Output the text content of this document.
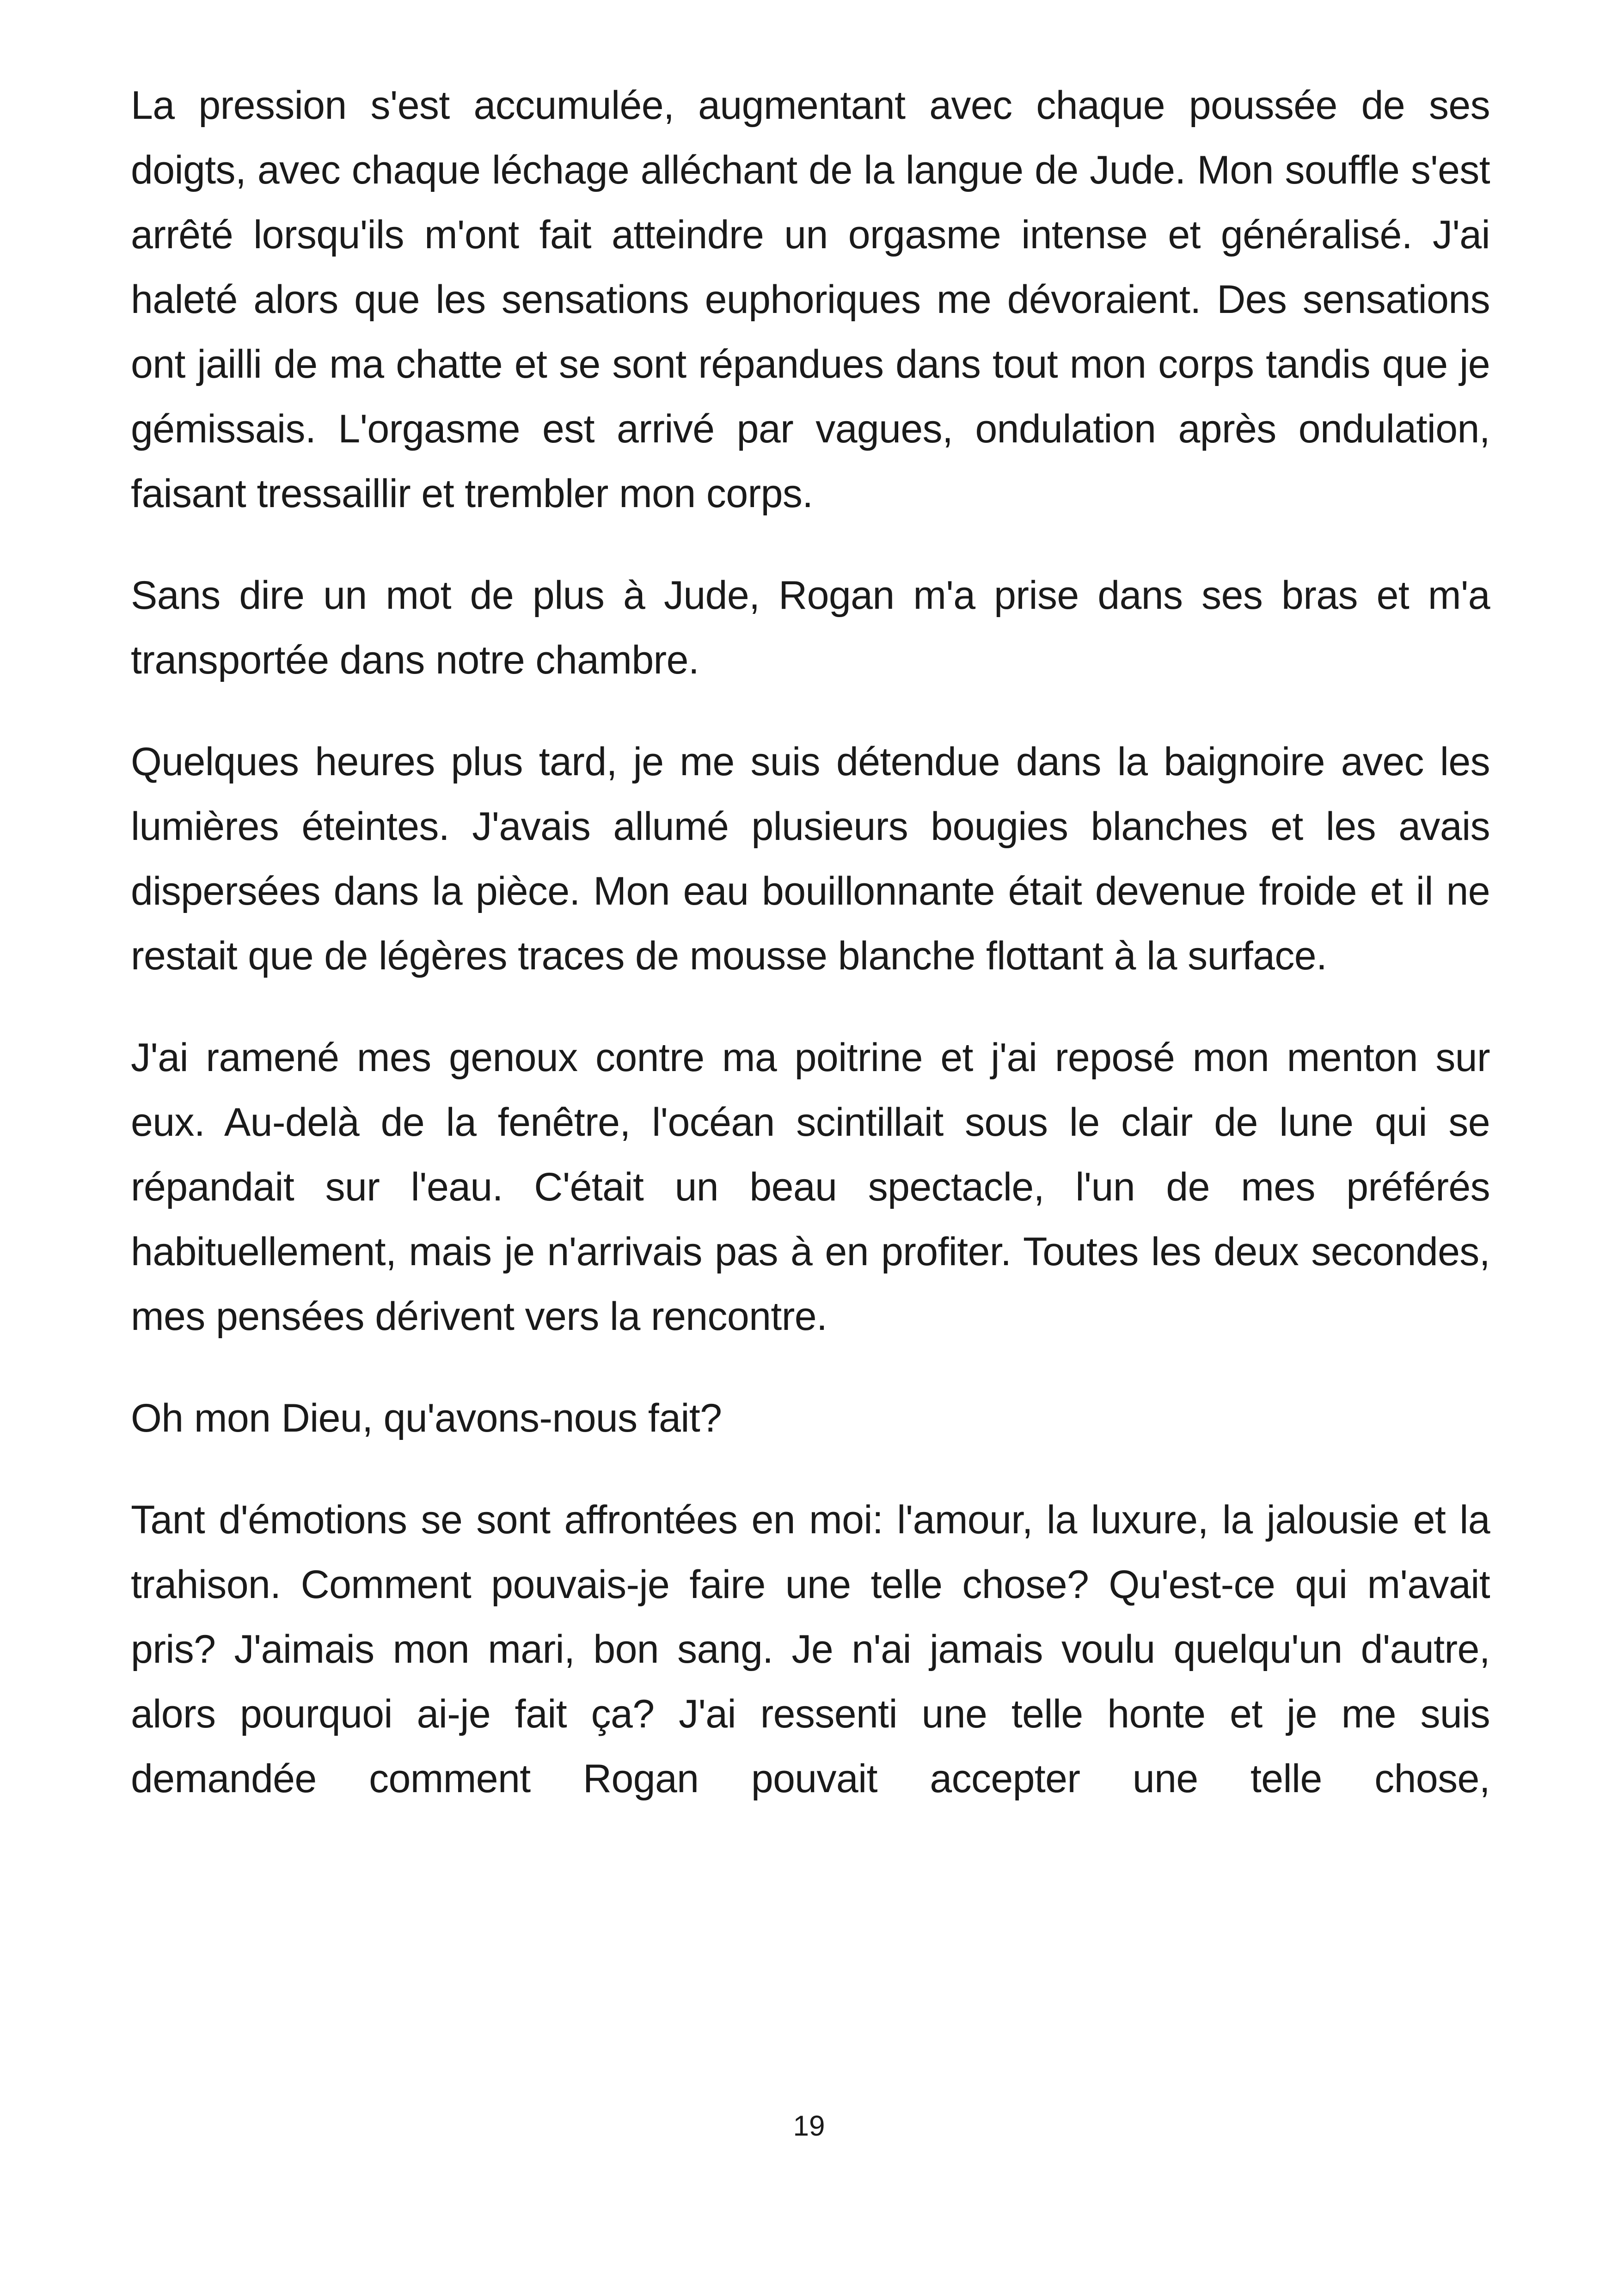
La pression s'est accumulée, augmentant avec chaque poussée de ses doigts, avec chaque léchage alléchant de la langue de Jude. Mon souffle s'est arrêté lorsqu'ils m'ont fait atteindre un orgasme intense et généralisé. J'ai haleté alors que les sensations euphoriques me dévoraient. Des sensations ont jailli de ma chatte et se sont répandues dans tout mon corps tandis que je gémissais. L'orgasme est arrivé par vagues, ondulation après ondulation, faisant tressaillir et trembler mon corps.

Sans dire un mot de plus à Jude, Rogan m'a prise dans ses bras et m'a transportée dans notre chambre.

Quelques heures plus tard, je me suis détendue dans la baignoire avec les lumières éteintes. J'avais allumé plusieurs bougies blanches et les avais dispersées dans la pièce. Mon eau bouillonnante était devenue froide et il ne restait que de légères traces de mousse blanche flottant à la surface.

J'ai ramené mes genoux contre ma poitrine et j'ai reposé mon menton sur eux. Au-delà de la fenêtre, l'océan scintillait sous le clair de lune qui se répandait sur l'eau. C'était un beau spectacle, l'un de mes préférés habituellement, mais je n'arrivais pas à en profiter. Toutes les deux secondes, mes pensées dérivent vers la rencontre.

Oh mon Dieu, qu'avons-nous fait?

Tant d'émotions se sont affrontées en moi: l'amour, la luxure, la jalousie et la trahison. Comment pouvais-je faire une telle chose? Qu'est-ce qui m'avait pris? J'aimais mon mari, bon sang. Je n'ai jamais voulu quelqu'un d'autre, alors pourquoi ai-je fait ça? J'ai ressenti une telle honte et je me suis demandée comment Rogan pouvait accepter une telle chose,

19
